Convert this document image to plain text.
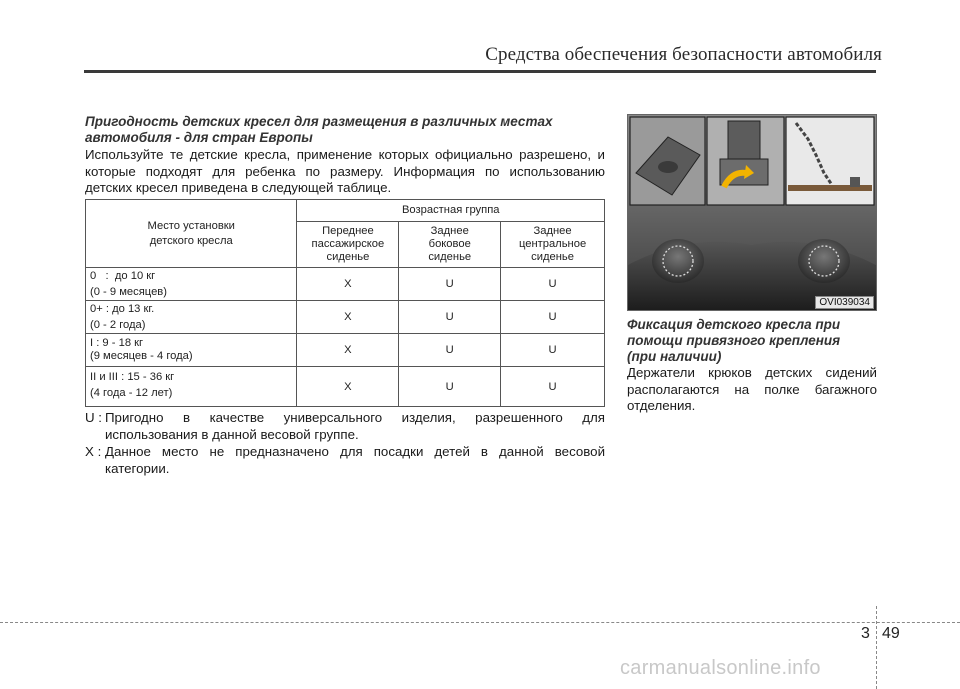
Средства обеспечения безопасности автомобиля
Пригодность детских кресел для размещения в различных местах
автомобиля - для стран Европы
Используйте те детские кресла, применение которых официально разрешено, и которые подходят для ребенка по размеру. Информация по использованию детских кресел приведена в следующей таблице.
Место установки
детского кресла	Возрастная группа		

	Переднее
пассажирское
сиденье	Заднее
боковое
сиденье	Заднее
центральное
сиденье

0   :  до 10 кг
(0 - 9 месяцев)	X	U	U

0+ : до 13 кг.
(0 - 2 года)	X	U	U

I : 9 - 18 кг
(9 месяцев - 4 года)	X	U	U

II и III : 15 - 36 кг
(4 года - 12 лет)	X	U	U
U : Пригодно в качестве универсального изделия, разрешенного для использования в данной весовой группе.
X : Данное место не предназначено для посадки детей в данной весовой категории.
OVI039034
Фиксация детского кресла при
помощи привязного крепления
(при наличии)
Держатели крюков детских сидений располагаются на полке багажного отделения.
3 49
carmanualsonline.info
